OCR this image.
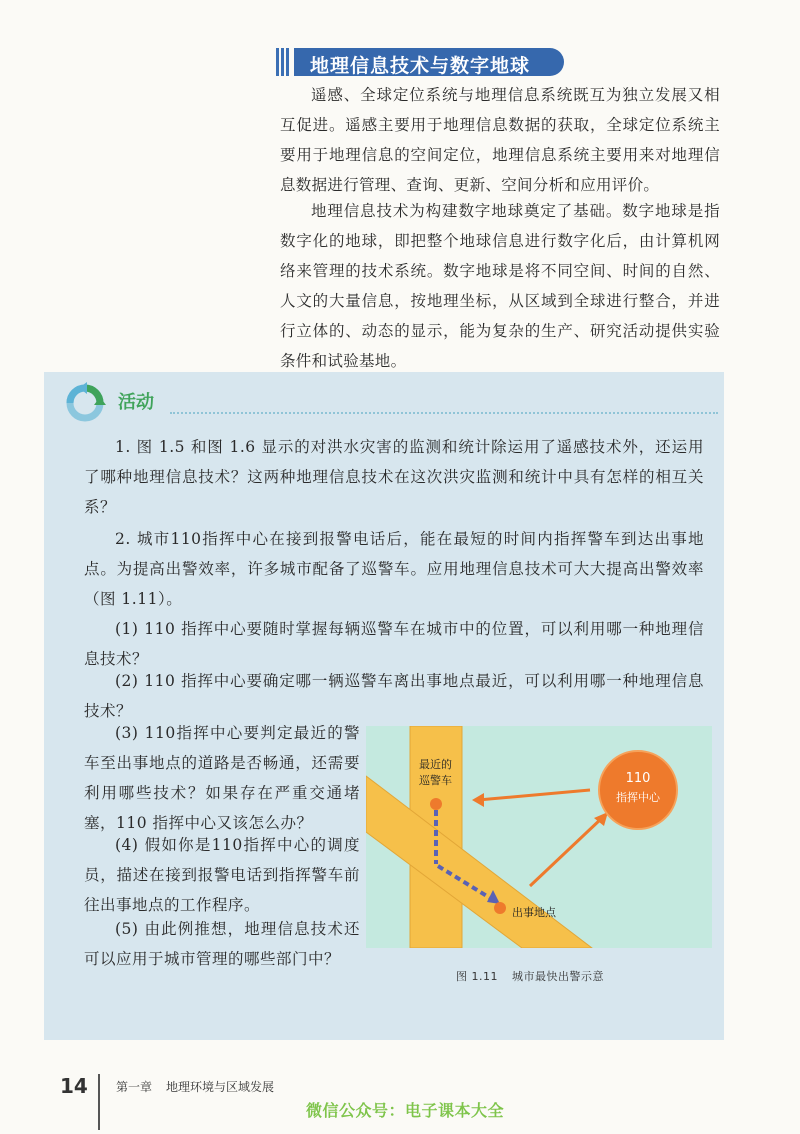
地理信息技术与数字地球

遥感、全球定位系统与地理信息系统既互为独立发展又相互促进。遥感主要用于地理信息数据的获取，全球定位系统主要用于地理信息的空间定位，地理信息系统主要用来对地理信息数据进行管理、查询、更新、空间分析和应用评价。

地理信息技术为构建数字地球奠定了基础。数字地球是指数字化的地球，即把整个地球信息进行数字化后，由计算机网络来管理的技术系统。数字地球是将不同空间、时间的自然、人文的大量信息，按地理坐标，从区域到全球进行整合，并进行立体的、动态的显示，能为复杂的生产、研究活动提供实验条件和试验基地。

活动

1. 图 1.5 和图 1.6 显示的对洪水灾害的监测和统计除运用了遥感技术外，还运用了哪种地理信息技术？这两种地理信息技术在这次洪灾监测和统计中具有怎样的相互关系？

2. 城市110指挥中心在接到报警电话后，能在最短的时间内指挥警车到达出事地点。为提高出警效率，许多城市配备了巡警车。应用地理信息技术可大大提高出警效率（图 1.11）。

(1) 110 指挥中心要随时掌握每辆巡警车在城市中的位置，可以利用哪一种地理信息技术？

(2) 110 指挥中心要确定哪一辆巡警车离出事地点最近，可以利用哪一种地理信息技术？

(3) 110指挥中心要判定最近的警车至出事地点的道路是否畅通，还需要利用哪些技术？如果存在严重交通堵塞，110 指挥中心又该怎么办？

(4) 假如你是110指挥中心的调度员，描述在接到报警电话到指挥警车前往出事地点的工作程序。

(5) 由此例推想，地理信息技术还可以应用于城市管理的哪些部门中？

最近的
巡警车	110
指挥中心
出事地点
图 1.11 城市最快出警示意
14 第一章 地理环境与区域发展
微信公众号：电子课本大全
